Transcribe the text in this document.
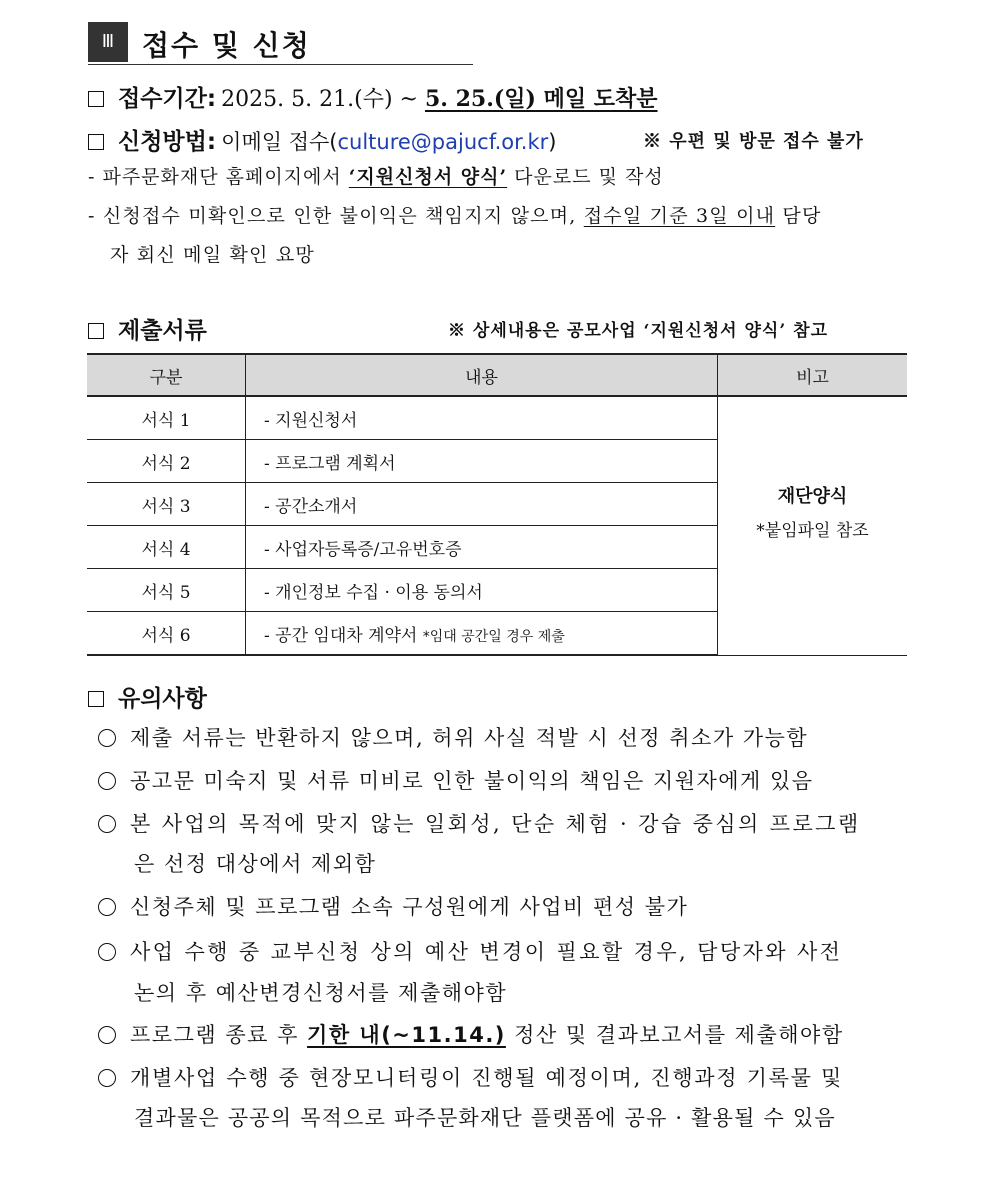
Ⅲ 접수 및 신청
접수기간: 2025. 5. 21.(수) ~ 5. 25.(일) 메일 도착분
신청방법: 이메일 접수(culture@pajucf.or.kr)	※ 우편 및 방문 접수 불가
- 파주문화재단 홈페이지에서 ‘지원신청서 양식’ 다운로드 및 작성
- 신청접수 미확인으로 인한 불이익은 책임지지 않으며, 접수일 기준 3일 이내 담당
자 회신 메일 확인 요망
제출서류	※ 상세내용은 공모사업 ‘지원신청서 양식’ 참고
구분	내용	비고
서식 1	- 지원신청서	재단양식
*붙임파일 참조

서식 2	- 프로그램 계획서	
서식 3	- 공간소개서	
서식 4	- 사업자등록증/고유번호증	
서식 5	- 개인정보 수집 · 이용 동의서	
서식 6	- 공간 임대차 계약서 *임대 공간일 경우 제출	
유의사항
제출 서류는 반환하지 않으며, 허위 사실 적발 시 선정 취소가 가능함
공고문 미숙지 및 서류 미비로 인한 불이익의 책임은 지원자에게 있음
본 사업의 목적에 맞지 않는 일회성, 단순 체험 · 강습 중심의 프로그램
은 선정 대상에서 제외함
신청주체 및 프로그램 소속 구성원에게 사업비 편성 불가
사업 수행 중 교부신청 상의 예산 변경이 필요할 경우, 담당자와 사전
논의 후 예산변경신청서를 제출해야함
프로그램 종료 후 기한 내(~11.14.) 정산 및 결과보고서를 제출해야함
개별사업 수행 중 현장모니터링이 진행될 예정이며, 진행과정 기록물 및
결과물은 공공의 목적으로 파주문화재단 플랫폼에 공유 · 활용될 수 있음
